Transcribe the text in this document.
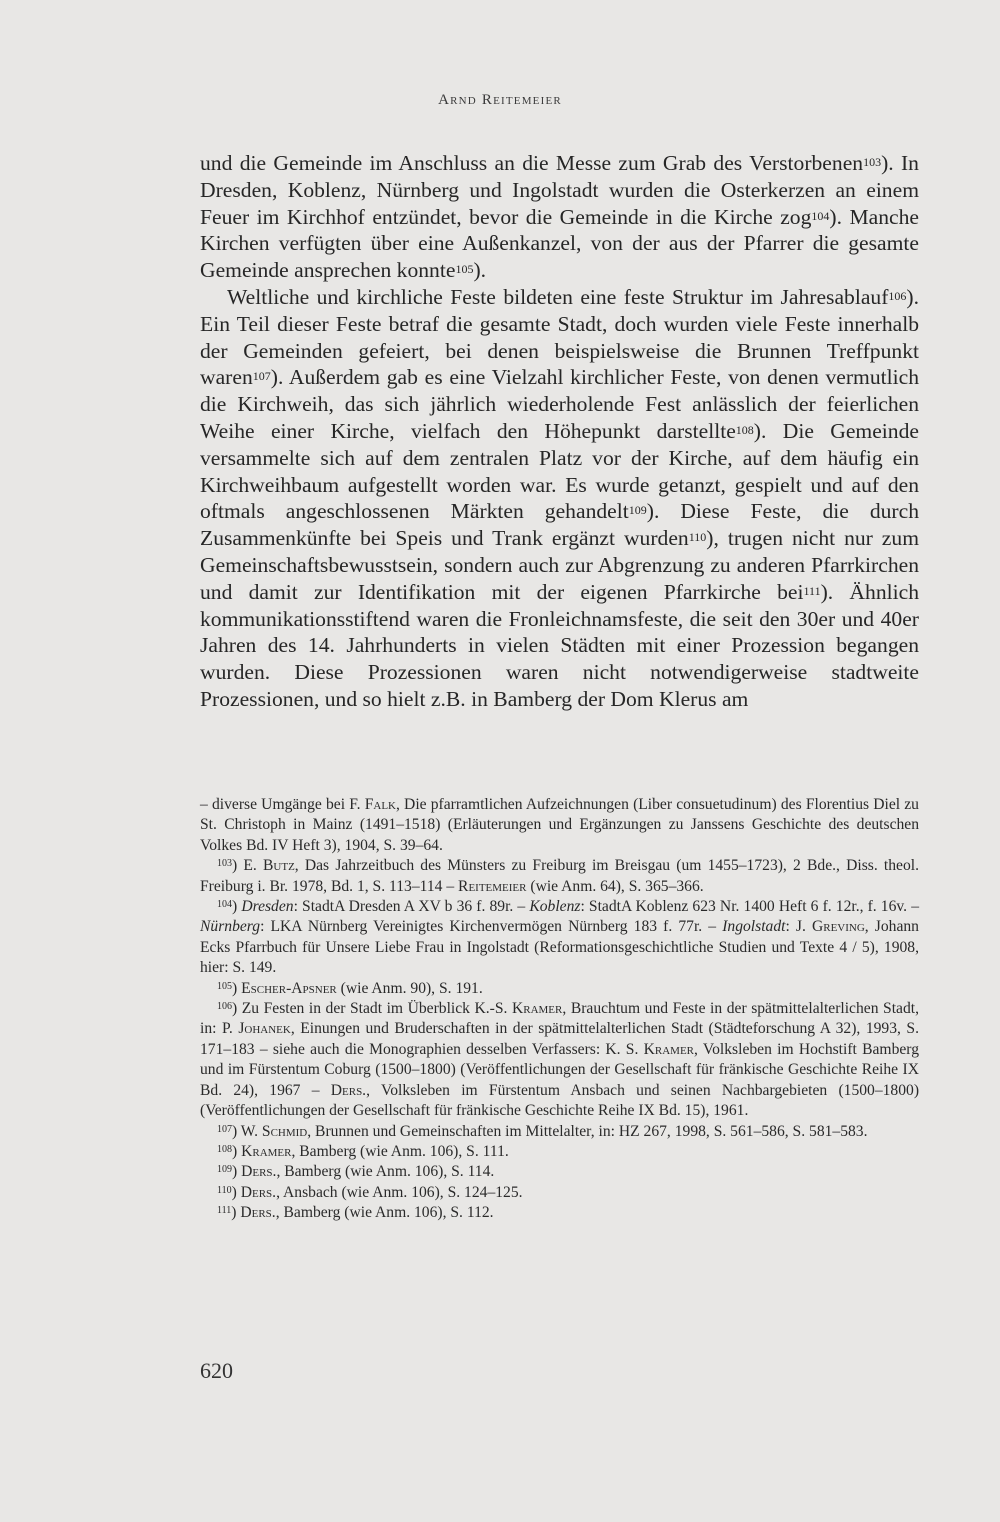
Arnd Reitemeier

und die Gemeinde im Anschluss an die Messe zum Grab des Verstorbenen103). In Dresden, Koblenz, Nürnberg und Ingolstadt wurden die Osterkerzen an einem Feuer im Kirchhof entzündet, bevor die Gemeinde in die Kirche zog104). Manche Kirchen verfügten über eine Außenkanzel, von der aus der Pfarrer die gesamte Gemeinde ansprechen konnte105).

Weltliche und kirchliche Feste bildeten eine feste Struktur im Jahresablauf106). Ein Teil dieser Feste betraf die gesamte Stadt, doch wurden viele Feste innerhalb der Gemeinden gefeiert, bei denen beispielsweise die Brunnen Treffpunkt waren107). Außerdem gab es eine Vielzahl kirchlicher Feste, von denen vermutlich die Kirchweih, das sich jährlich wiederholende Fest anlässlich der feierlichen Weihe einer Kirche, vielfach den Höhepunkt darstellte108). Die Gemeinde versammelte sich auf dem zentralen Platz vor der Kirche, auf dem häufig ein Kirchweihbaum aufgestellt worden war. Es wurde getanzt, gespielt und auf den oftmals angeschlossenen Märkten gehandelt109). Diese Feste, die durch Zusammenkünfte bei Speis und Trank ergänzt wurden110), trugen nicht nur zum Gemeinschaftsbewusstsein, sondern auch zur Abgrenzung zu anderen Pfarrkirchen und damit zur Identifikation mit der eigenen Pfarrkirche bei111). Ähnlich kommunikationsstiftend waren die Fronleichnamsfeste, die seit den 30er und 40er Jahren des 14. Jahrhunderts in vielen Städten mit einer Prozession begangen wurden. Diese Prozessionen waren nicht notwendigerweise stadtweite Prozessionen, und so hielt z.B. in Bamberg der Dom Klerus am

– diverse Umgänge bei F. Falk, Die pfarramtlichen Aufzeichnungen (Liber consuetudinum) des Florentius Diel zu St. Christoph in Mainz (1491–1518) (Erläuterungen und Ergänzungen zu Janssens Geschichte des deutschen Volkes Bd. IV Heft 3), 1904, S. 39–64.

$^{103}$) E. Butz, Das Jahrzeitbuch des Münsters zu Freiburg im Breisgau (um 1455–1723), 2 Bde., Diss. theol. Freiburg i. Br. 1978, Bd. 1, S. 113–114 – Reitemeier (wie Anm. 64), S. 365–366.

$^{104}$) Dresden: StadtA Dresden A XV b 36 f. 89r. – Koblenz: StadtA Koblenz 623 Nr. 1400 Heft 6 f. 12r., f. 16v. – Nürnberg: LKA Nürnberg Vereinigtes Kirchenvermögen Nürnberg 183 f. 77r. – Ingolstadt: J. Greving, Johann Ecks Pfarrbuch für Unsere Liebe Frau in Ingolstadt (Reformationsgeschichtliche Studien und Texte 4 / 5), 1908, hier: S. 149.

$^{105}$) Escher-Apsner (wie Anm. 90), S. 191.

$^{106}$) Zu Festen in der Stadt im Überblick K.-S. Kramer, Brauchtum und Feste in der spätmittelalterlichen Stadt, in: P. Johanek, Einungen und Bruderschaften in der spätmittelalterlichen Stadt (Städteforschung A 32), 1993, S. 171–183 – siehe auch die Monographien desselben Verfassers: K. S. Kramer, Volksleben im Hochstift Bamberg und im Fürstentum Coburg (1500–1800) (Veröffentlichungen der Gesellschaft für fränkische Geschichte Reihe IX Bd. 24), 1967 – Ders., Volksleben im Fürstentum Ansbach und seinen Nachbargebieten (1500–1800) (Veröffentlichungen der Gesellschaft für fränkische Geschichte Reihe IX Bd. 15), 1961.

$^{107}$) W. Schmid, Brunnen und Gemeinschaften im Mittelalter, in: HZ 267, 1998, S. 561–586, S. 581–583.

$^{108}$) Kramer, Bamberg (wie Anm. 106), S. 111.

$^{109}$) Ders., Bamberg (wie Anm. 106), S. 114.

$^{110}$) Ders., Ansbach (wie Anm. 106), S. 124–125.

$^{111}$) Ders., Bamberg (wie Anm. 106), S. 112.

620
